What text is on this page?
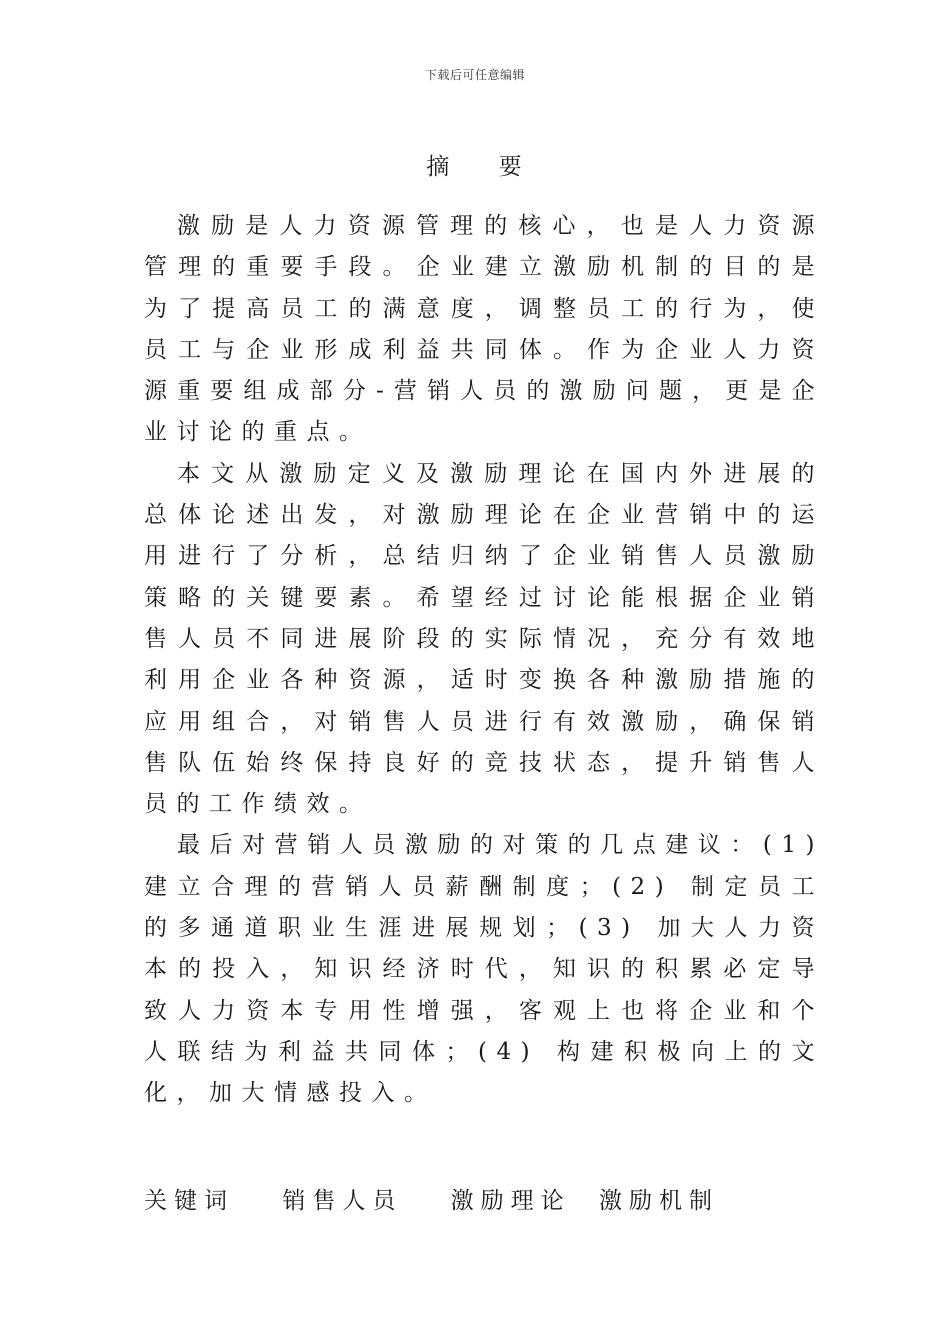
下载后可任意编辑
摘 要

激励是人力资源管理的核心，也是人力资源管理的重要手段。企业建立激励机制的目的是为了提高员工的满意度，调整员工的行为，使员工与企业形成利益共同体。作为企业人力资源重要组成部分-营销人员的激励问题，更是企业讨论的重点。

本文从激励定义及激励理论在国内外进展的总体论述出发，对激励理论在企业营销中的运用进行了分析，总结归纳了企业销售人员激励策略的关键要素。希望经过讨论能根据企业销售人员不同进展阶段的实际情况，充分有效地利用企业各种资源，适时变换各种激励措施的应用组合，对销售人员进行有效激励，确保销售队伍始终保持良好的竞技状态，提升销售人员的工作绩效。

最后对营销人员激励的对策的几点建议：(1)建立合理的营销人员薪酬制度；(2) 制定员工的多通道职业生涯进展规划；(3) 加大人力资本的投入，知识经济时代，知识的积累必定导致人力资本专用性增强，客观上也将企业和个人联结为利益共同体；(4) 构建积极向上的文化，加大情感投入。

关键词 销售人员 激励理论 激励机制
